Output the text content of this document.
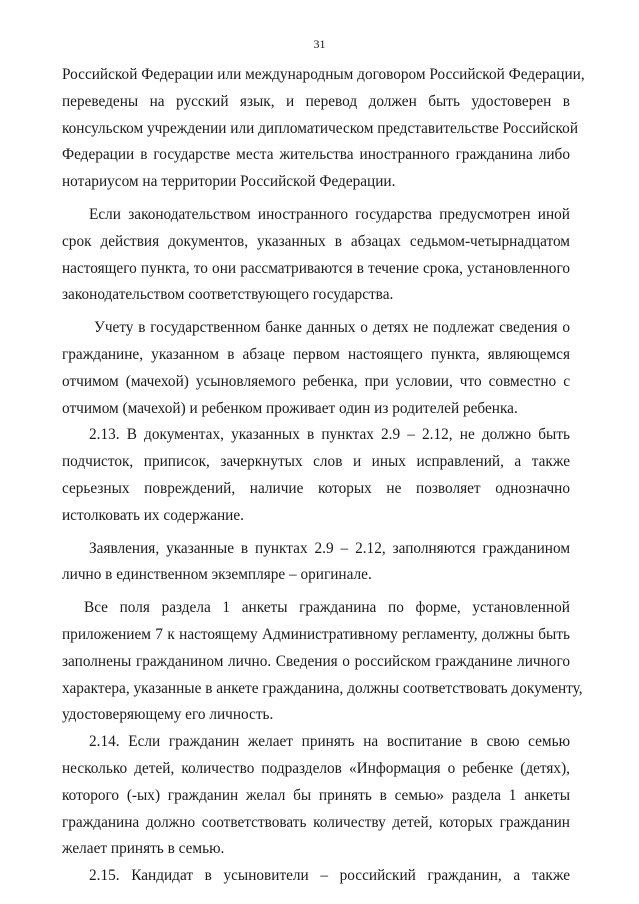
31
Российской Федерации или международным договором Российской Федерации,
переведены на русский язык, и перевод должен быть удостоверен в
консульском учреждении или дипломатическом представительстве Российской
Федерации в государстве места жительства иностранного гражданина либо
нотариусом на территории Российской Федерации.
Если законодательством иностранного государства предусмотрен иной
срок действия документов, указанных в абзацах седьмом-четырнадцатом
настоящего пункта, то они рассматриваются в течение срока, установленного
законодательством соответствующего государства.
Учету в государственном банке данных о детях не подлежат сведения о
гражданине, указанном в абзаце первом настоящего пункта, являющемся
отчимом (мачехой) усыновляемого ребенка, при условии, что совместно с
отчимом (мачехой) и ребенком проживает один из родителей ребенка.
2.13. В документах, указанных в пунктах 2.9 – 2.12, не должно быть
подчисток, приписок, зачеркнутых слов и иных исправлений, а также
серьезных повреждений, наличие которых не позволяет однозначно
истолковать их содержание.
Заявления, указанные в пунктах 2.9 – 2.12, заполняются гражданином
лично в единственном экземпляре – оригинале.
Все поля раздела 1 анкеты гражданина по форме, установленной
приложением 7 к настоящему Административному регламенту, должны быть
заполнены гражданином лично. Сведения о российском гражданине личного
характера, указанные в анкете гражданина, должны соответствовать документу,
удостоверяющему его личность.
2.14. Если гражданин желает принять на воспитание в свою семью
несколько детей, количество подразделов «Информация о ребенке (детях),
которого (-ых) гражданин желал бы принять в семью» раздела 1 анкеты
гражданина должно соответствовать количеству детей, которых гражданин
желает принять в семью.
2.15. Кандидат в усыновители – российский гражданин, а также
